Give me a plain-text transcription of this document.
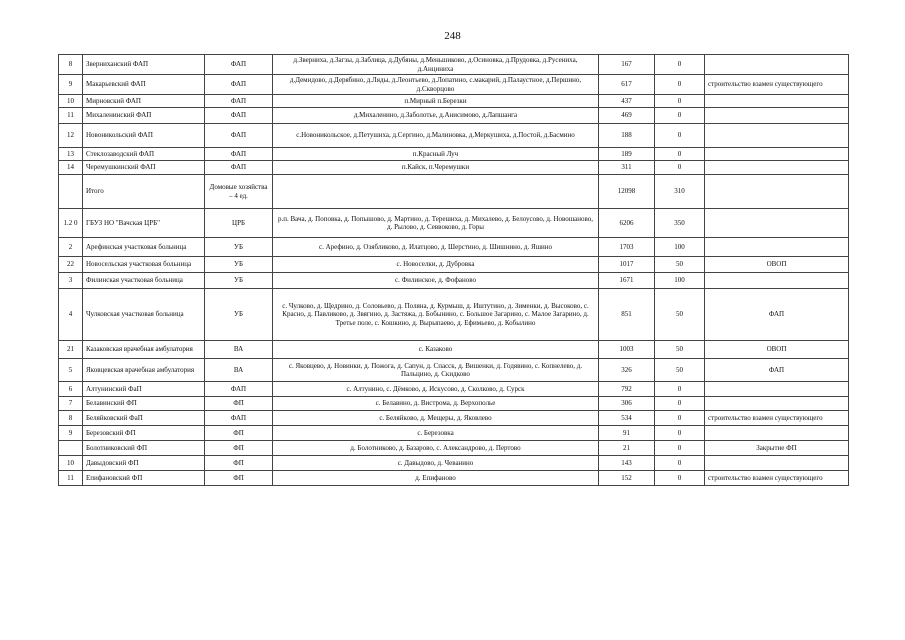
248
8	Зверниханский ФАП	ФАП	д.Зверниха, д.Загзы, д.Заблица, д.Дубяны, д.Меньшиково, д.Осиновка, д.Прудовка, д.Русениха, д.Анциниха	167	0	
9	Макарьевский ФАП	ФАП	д.Демидово, д.Дерябино, д.Ляды, д.Леонтьево, д.Лопатино, с.макарий, д.Палаустное, д.Першино, д.Скворцово	617	0	строительство взамен существующего
10	Мирновский ФАП	ФАП	п.Мирный п.Березки	437	0	
11	Михаленинский ФАП	ФАП	д.Михаленино, д.Заболотье, д.Анисимово, д.Лапшанга	469	0	
12	Новоникольский ФАП	ФАП	с.Новоникольское, д.Петушиха, д.Сергино, д.Малиновка, д.Меркушиха, д.Постой, д.Басмино	188	0	
13	Стеклозаводский ФАП	ФАП	п.Красный Луч	189	0	
14	Черемушкинский ФАП	ФАП	п.Кайск, п.Черемушки	311	0	
	Итого	Домовые хозяйства – 4 ед.		12098	310	
1.2 0	ГБУЗ НО "Вачская ЦРБ"	ЦРБ	р.п. Вача, д. Поповка, д. Попышово, д. Мартино, д. Терешиха, д. Михалево, д. Белоусово, д. Новошаново, д. Рылово, д. Севвоково, д. Горы	6206	350	
2	Арефинская участковая больница	УБ	с. Арефино, д. Озябликово, д. Илатцово, д. Шерстино, д. Шишнино, д. Яшино	1703	100	
22	Новосельская участковая больница	УБ	с. Новоселки, д. Дубровка	1017	50	ОВОП
3	Филинская участковая больница	УБ	с. Филинское, д. Фофаново	1671	100	
4	Чулковская участковая больница	УБ	с. Чулково, д. Щедрино, д. Соловьево, д. Поляна, д. Курмыш, д. Иштутино, д. Зименки, д. Высоково, с. Красно, д. Павликово, д. Звягино, д. Застяжа, д. Бобынино, с. Большое Загарино, с. Малое Загарино, д. Третье поле, с. Кошкино, д. Вырыпаево, д. Ефимьево, д. Кобылино	851	50	ФАП
21	Казаковская врачебная амбулатория	ВА	с. Казаково	1003	50	ОВОП
5	Яковцевская врачебная амбулатория	ВА	с. Яковцево, д. Новинки, д. Пожога, д. Сапун, д. Спасск, д. Вишенки, д. Годявино, с. Копнелево, д. Пальцино, д. Скидково	326	50	ФАП
6	Алтунинский ФаП	ФАП	с. Алтунино, с. Дёмково, д. Искусово, д. Сколково, д. Сурск	792	0	
7	Белавинский ФП	ФП	с. Белавино, д. Вистрома, д. Верхополье	306	0	
8	Беляйковский ФаП	ФАП	с. Беляйково, д. Мещеры, д. Яковлево	534	0	строительство взамен существующего
9	Березовский ФП	ФП	с. Березовка	91	0	
	Болотниковский ФП	ФП	д. Болотниково, д. Базарово, с. Александрово, д. Пертово	21	0	Закрытие ФП
10	Давыдовский ФП	ФП	с. Давыдово, д. Чеванино	143	0	
11	Епифановский ФП	ФП	д. Епифаново	152	0	строительство взамен существующего
